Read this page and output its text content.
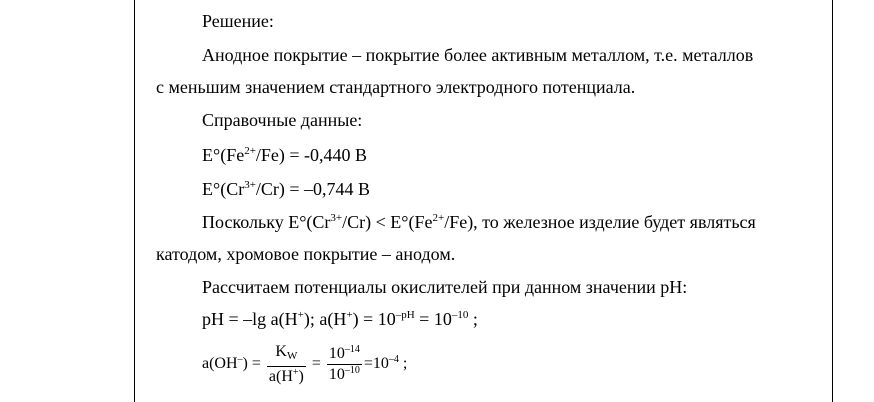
Решение:
Анодное покрытие – покрытие более активным металлом, т.е. металлов
с меньшим значением стандартного электродного потенциала.
Справочные данные:
$E^\circ(Fe^{2+}/Fe) = -0,440$ В
$E^\circ(Cr^{3+}/Cr) = -0,744$ В
Поскольку $E^\circ(Cr^{3+}/Cr) < E^\circ(Fe^{2+}/Fe)$, то железное изделие будет являться
катодом, хромовое покрытие – анодом.
Рассчитаем потенциалы окислителей при данном значении pH:
pH = –lg a(H+); $a(H^+) = 10^{-pH} = 10^{-10}$ ;
$a(OH^-) = \frac{K_W}{a(H^+)} = \frac{10^{-14}}{10^{-10}} =10^{-4}$ ;
